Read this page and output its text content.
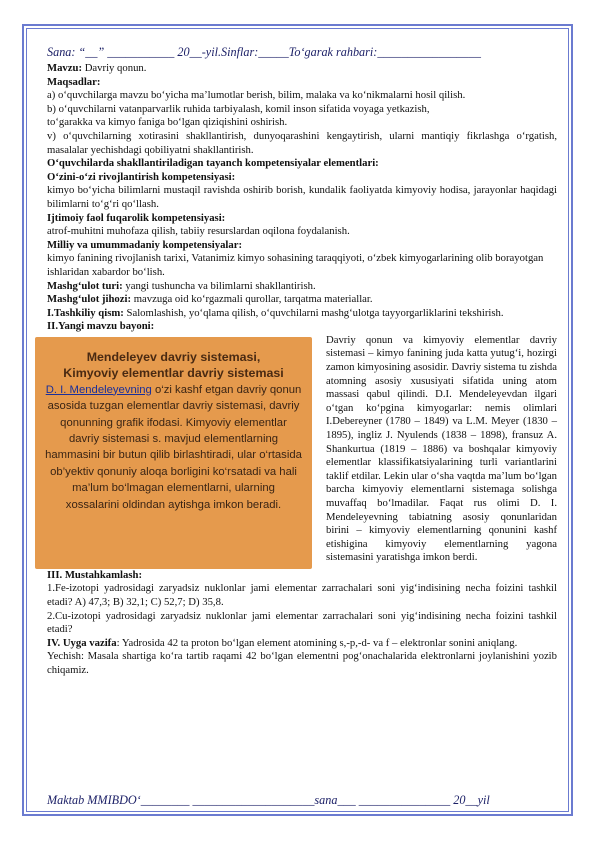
Sana: “__” ___________ 20__-yil.Sinflar:_____To‘garak rahbari:_________________

Mavzu: Davriy qonun.

Maqsadlar:

a) o‘quvchilarga mavzu bo‘yicha ma’lumotlar berish, bilim, malaka va ko‘nikmalarni hosil qilish.

b) o‘quvchilarni vatanparvarlik ruhida tarbiyalash, komil inson sifatida voyaga yetkazish,

to‘garakka va kimyo faniga bo‘lgan qiziqishini oshirish.

v) o‘quvchilarning xotirasini shakllantirish, dunyoqarashini kengaytirish, ularni mantiqiy fikrlashga o‘rgatish, masalalar yechishdagi qobiliyatni shakllantirish.

O‘quvchilarda shakllantiriladigan tayanch kompetensiyalar elementlari:

O‘zini-o‘zi rivojlantirish kompetensiyasi:

kimyo bo‘yicha bilimlarni mustaqil ravishda oshirib borish, kundalik faoliyatda kimyoviy hodisa, jarayonlar haqidagi bilimlarni to‘g‘ri qo‘llash.

Ijtimoiy faol fuqarolik kompetensiyasi:

atrof-muhitni muhofaza qilish, tabiiy resurslardan oqilona foydalanish.

Milliy va umummadaniy kompetensiyalar:

kimyo fanining rivojlanish tarixi, Vatanimiz kimyo sohasining taraqqiyoti, o‘zbek kimyogarlarining olib borayotgan ishlaridan xabardor bo‘lish.

Mashg‘ulot turi: yangi tushuncha va bilimlarni shakllantirish.

Mashg‘ulot jihozi: mavzuga oid ko‘rgazmali qurollar, tarqatma materiallar.

I.Tashkiliy qism: Salomlashish, yo‘qlama qilish, o‘quvchilarni mashg‘ulotga tayyorgarliklarini tekshirish.

II.Yangi mavzu bayoni:

Mendeleyev davriy sistemasi,
Kimyoviy elementlar davriy sistemasi
D. I. Mendeleyevning o‘zi kashf etgan davriy qonun asosida tuzgan elementlar davriy sistemasi, davriy qonunning grafik ifodasi. Kimyoviy elementlar davriy sistemasi s. mavjud elementlarning hammasini bir butun qilib birlashtiradi, ular o‘rtasida ob’yektiv qonuniy aloqa borligini ko‘rsatadi va hali ma’lum bo‘lmagan elementlarni, ularning xossalarini oldindan aytishga imkon beradi.

Davriy qonun va kimyoviy elementlar davriy sistemasi – kimyo fanining juda katta yutug‘i, hozirgi zamon kimyosining asosidir. Davriy sistema tu zishda atomning asosiy xususiyati sifatida uning atom massasi qabul qilindi. D.I. Mendeleyevdan ilgari o‘tgan ko‘pgina kimyogarlar: nemis olimlari I.Debereyner (1780 – 1849) va L.M. Meyer (1830 – 1895), ingliz J. Nyulends (1838 – 1898), fransuz A. Shankurtua (1819 – 1886) va boshqalar kimyoviy elementlar klassifikatsiyalarining turli variantlarini taklif etdilar. Lekin ular o‘sha vaqtda ma’lum bo‘lgan barcha kimyoviy elementlarni sistemaga solishga muvaffaq bo‘lmadilar. Faqat rus olimi D. I. Mendeleyevning tabiatning asosiy qonunlaridan birini – kimyoviy elementlarning qonunini kashf etishigina kimyoviy elementlarning yagona sistemasini yaratishga imkon berdi.

III. Mustahkamlash:

1.Fe-izotopi yadrosidagi zaryadsiz nuklonlar jami elementar zarrachalari soni yig‘indisining necha foizini tashkil etadi? A) 47,3; B) 32,1; C) 52,7; D) 35,8.

2.Cu-izotopi yadrosidagi zaryadsiz nuklonlar jami elementar zarrachalari soni yig‘indisining necha foizini tashkil etadi?

IV. Uyga vazifa: Yadrosida 42 ta proton bo‘lgan element atomining s,-p,-d- va f – elektronlar sonini aniqlang.

Yechish: Masala shartiga ko‘ra tartib raqami 42 bo‘lgan elementni pog‘onachalarida elektronlarni joylanishini yozib chiqamiz.

Maktab MMIBDO‘________ ____________________sana___ _______________ 20__yil
